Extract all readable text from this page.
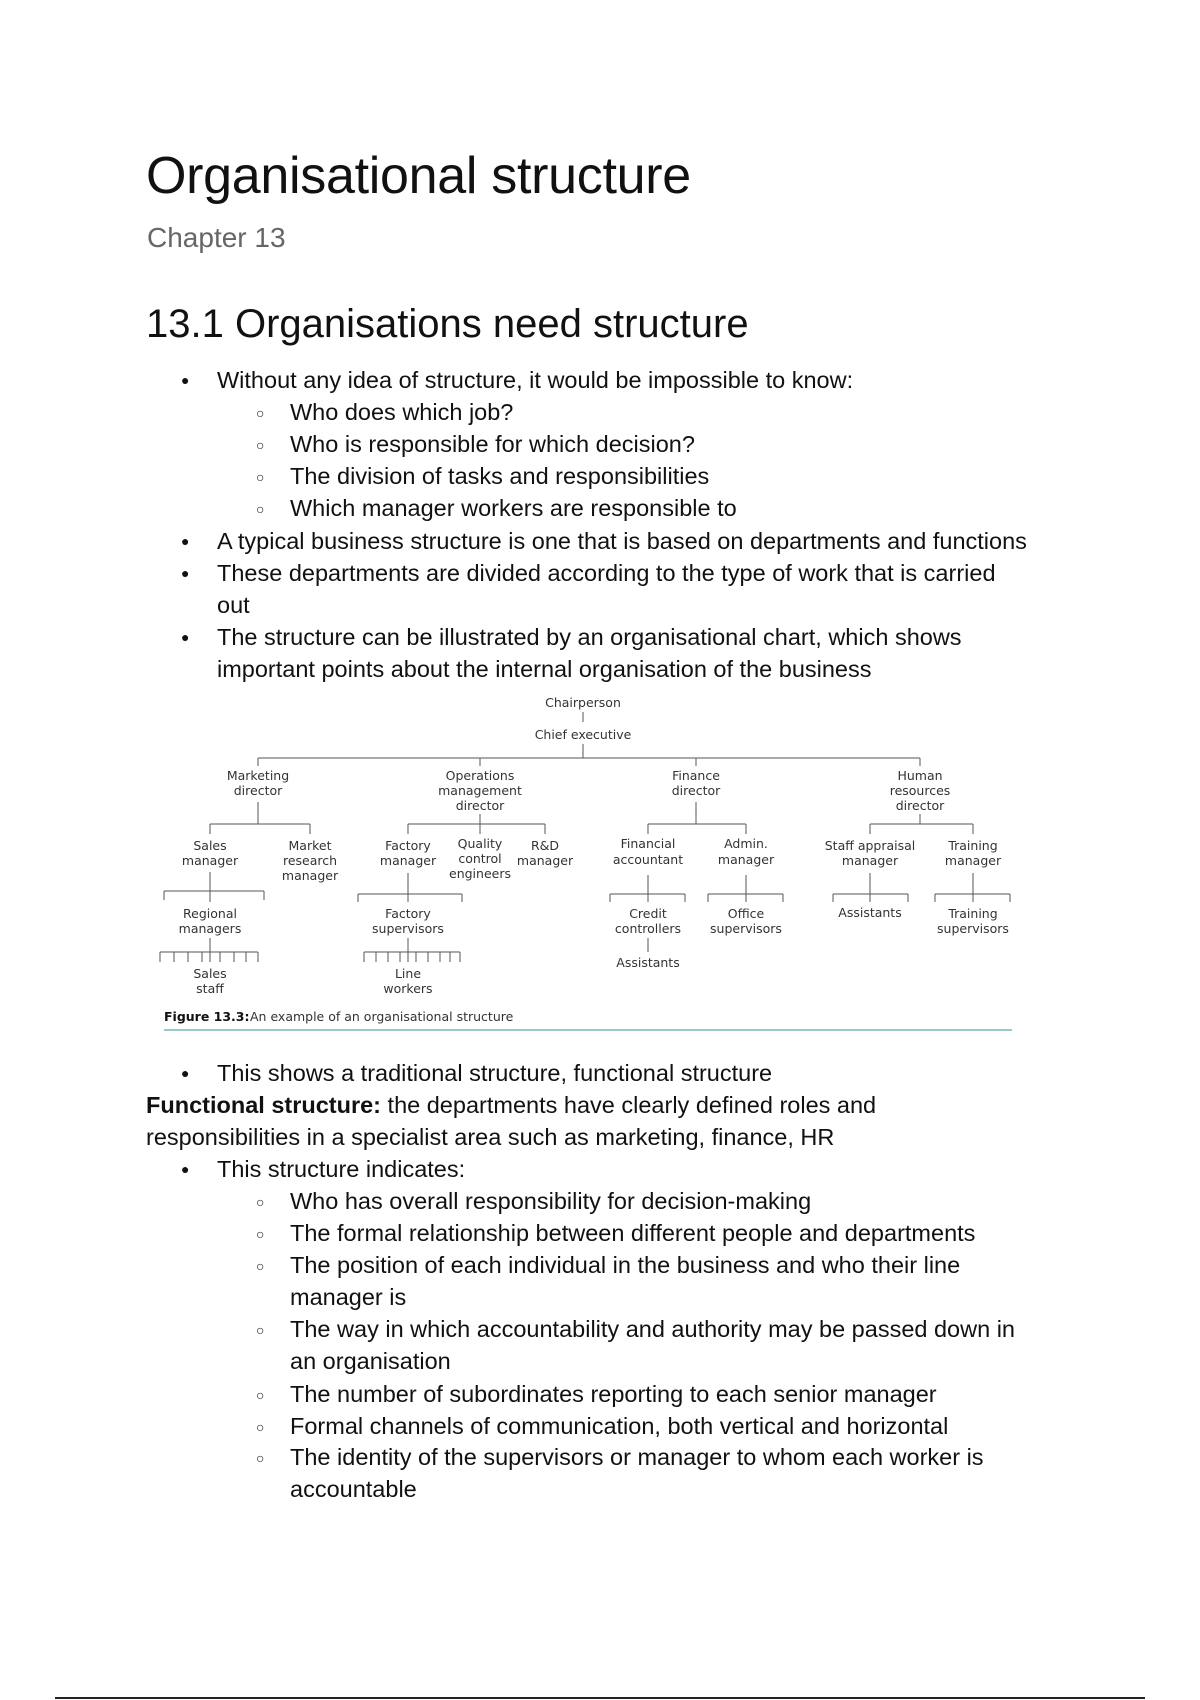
Organisational structure
Chapter 13
13.1 Organisations need structure
● Without any idea of structure, it would be impossible to know:
○ Who does which job?
○ Who is responsible for which decision?
○ The division of tasks and responsibilities
○ Which manager workers are responsible to
● A typical business structure is one that is based on departments and functions
● These departments are divided according to the type of work that is carried
out
● The structure can be illustrated by an organisational chart, which shows
important points about the internal organisation of the business
Chairperson
Chief executive
Marketing
director
Operations
management
director
Finance
director
Human
resources
director
Sales
manager
Market
research
manager
Factory
manager
Quality
control
engineers
R&D
manager
Financial
accountant
Admin.
manager
Staff appraisal
manager
Training
manager
Regional
managers
Factory
supervisors
Credit
controllers
Office
supervisors
Assistants	Training
supervisors
Sales
staff
Line
workers
Assistants
Figure 13.3: An example of an organisational structure
● This shows a traditional structure, functional structure
Functional structure: the departments have clearly defined roles and
responsibilities in a specialist area such as marketing, finance, HR
● This structure indicates:
○ Who has overall responsibility for decision-making
○ The formal relationship between different people and departments
○ The position of each individual in the business and who their line
manager is
○ The way in which accountability and authority may be passed down in
an organisation
○ The number of subordinates reporting to each senior manager
○ Formal channels of communication, both vertical and horizontal
○ The identity of the supervisors or manager to whom each worker is
accountable
